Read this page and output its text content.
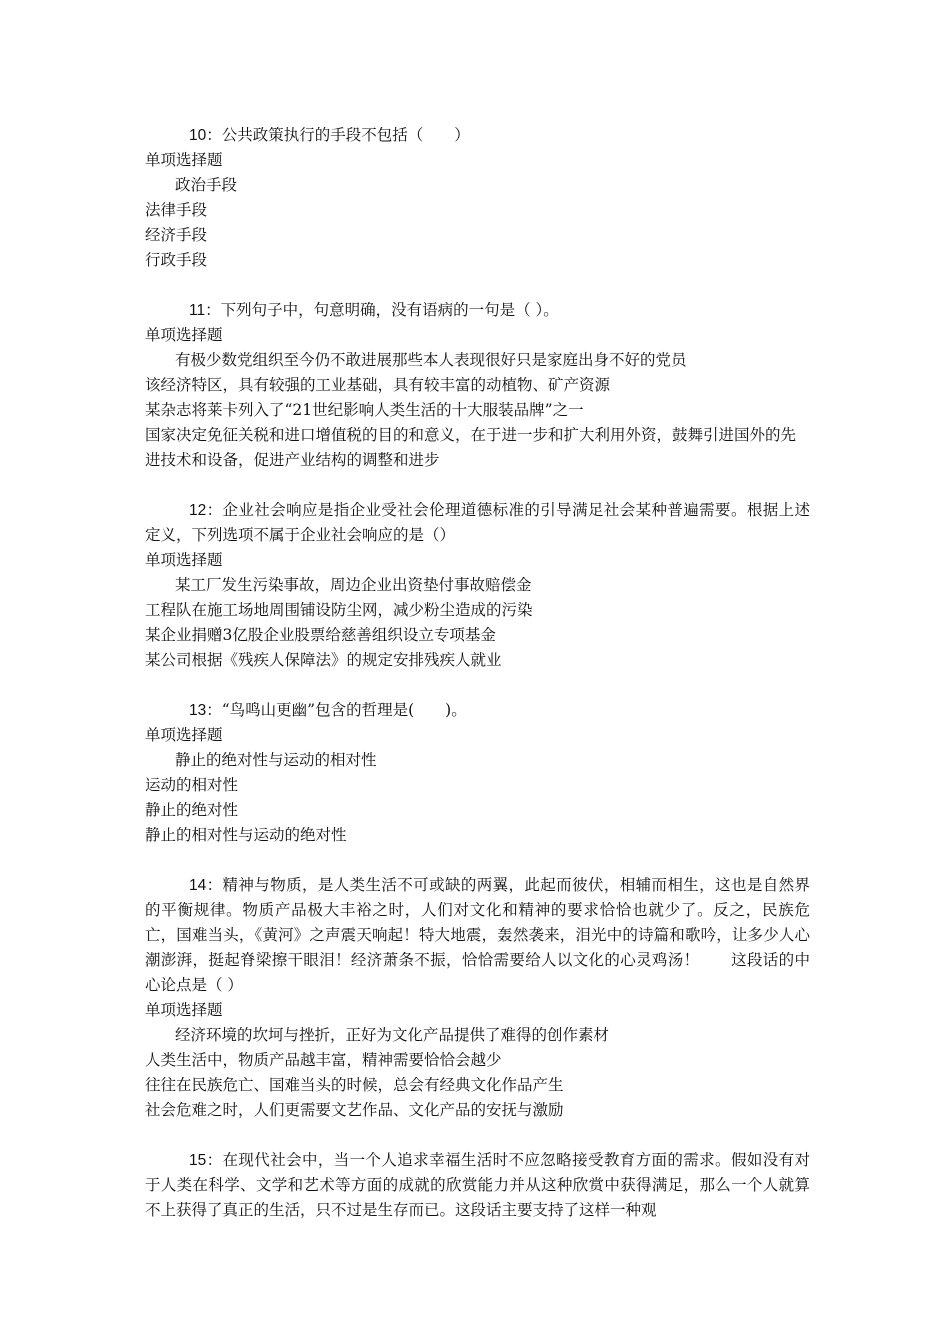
10：公共政策执行的手段不包括（　　）

单项选择题

政治手段

法律手段

经济手段

行政手段

11：下列句子中，句意明确，没有语病的一句是（ ）。

单项选择题

有极少数党组织至今仍不敢进展那些本人表现很好只是家庭出身不好的党员

该经济特区，具有较强的工业基础，具有较丰富的动植物、矿产资源

某杂志将莱卡列入了“21世纪影响人类生活的十大服装品牌”之一

国家决定免征关税和进口增值税的目的和意义，在于进一步和扩大利用外资，鼓舞引进国外的先进技术和设备，促进产业结构的调整和进步

12：企业社会响应是指企业受社会伦理道德标准的引导满足社会某种普遍需要。根据上述定义，下列选项不属于企业社会响应的是（）

单项选择题

某工厂发生污染事故，周边企业出资垫付事故赔偿金

工程队在施工场地周围铺设防尘网，减少粉尘造成的污染

某企业捐赠3亿股企业股票给慈善组织设立专项基金

某公司根据《残疾人保障法》的规定安排残疾人就业

13：“鸟鸣山更幽”包含的哲理是(　　)。

单项选择题

静止的绝对性与运动的相对性

运动的相对性

静止的绝对性

静止的相对性与运动的绝对性

14：精神与物质，是人类生活不可或缺的两翼，此起而彼伏，相辅而相生，这也是自然界的平衡规律。物质产品极大丰裕之时，人们对文化和精神的要求恰恰也就少了。反之，民族危亡，国难当头，《黄河》之声震天响起！特大地震，轰然袭来，泪光中的诗篇和歌吟，让多少人心潮澎湃，挺起脊梁擦干眼泪！经济萧条不振，恰恰需要给人以文化的心灵鸡汤！　　这段话的中心论点是（ ）

单项选择题

经济环境的坎坷与挫折，正好为文化产品提供了难得的创作素材

人类生活中，物质产品越丰富，精神需要恰恰会越少

往往在民族危亡、国难当头的时候，总会有经典文化作品产生

社会危难之时，人们更需要文艺作品、文化产品的安抚与激励

15：在现代社会中，当一个人追求幸福生活时不应忽略接受教育方面的需求。假如没有对于人类在科学、文学和艺术等方面的成就的欣赏能力并从这种欣赏中获得满足，那么一个人就算不上获得了真正的生活，只不过是生存而已。这段话主要支持了这样一种观
